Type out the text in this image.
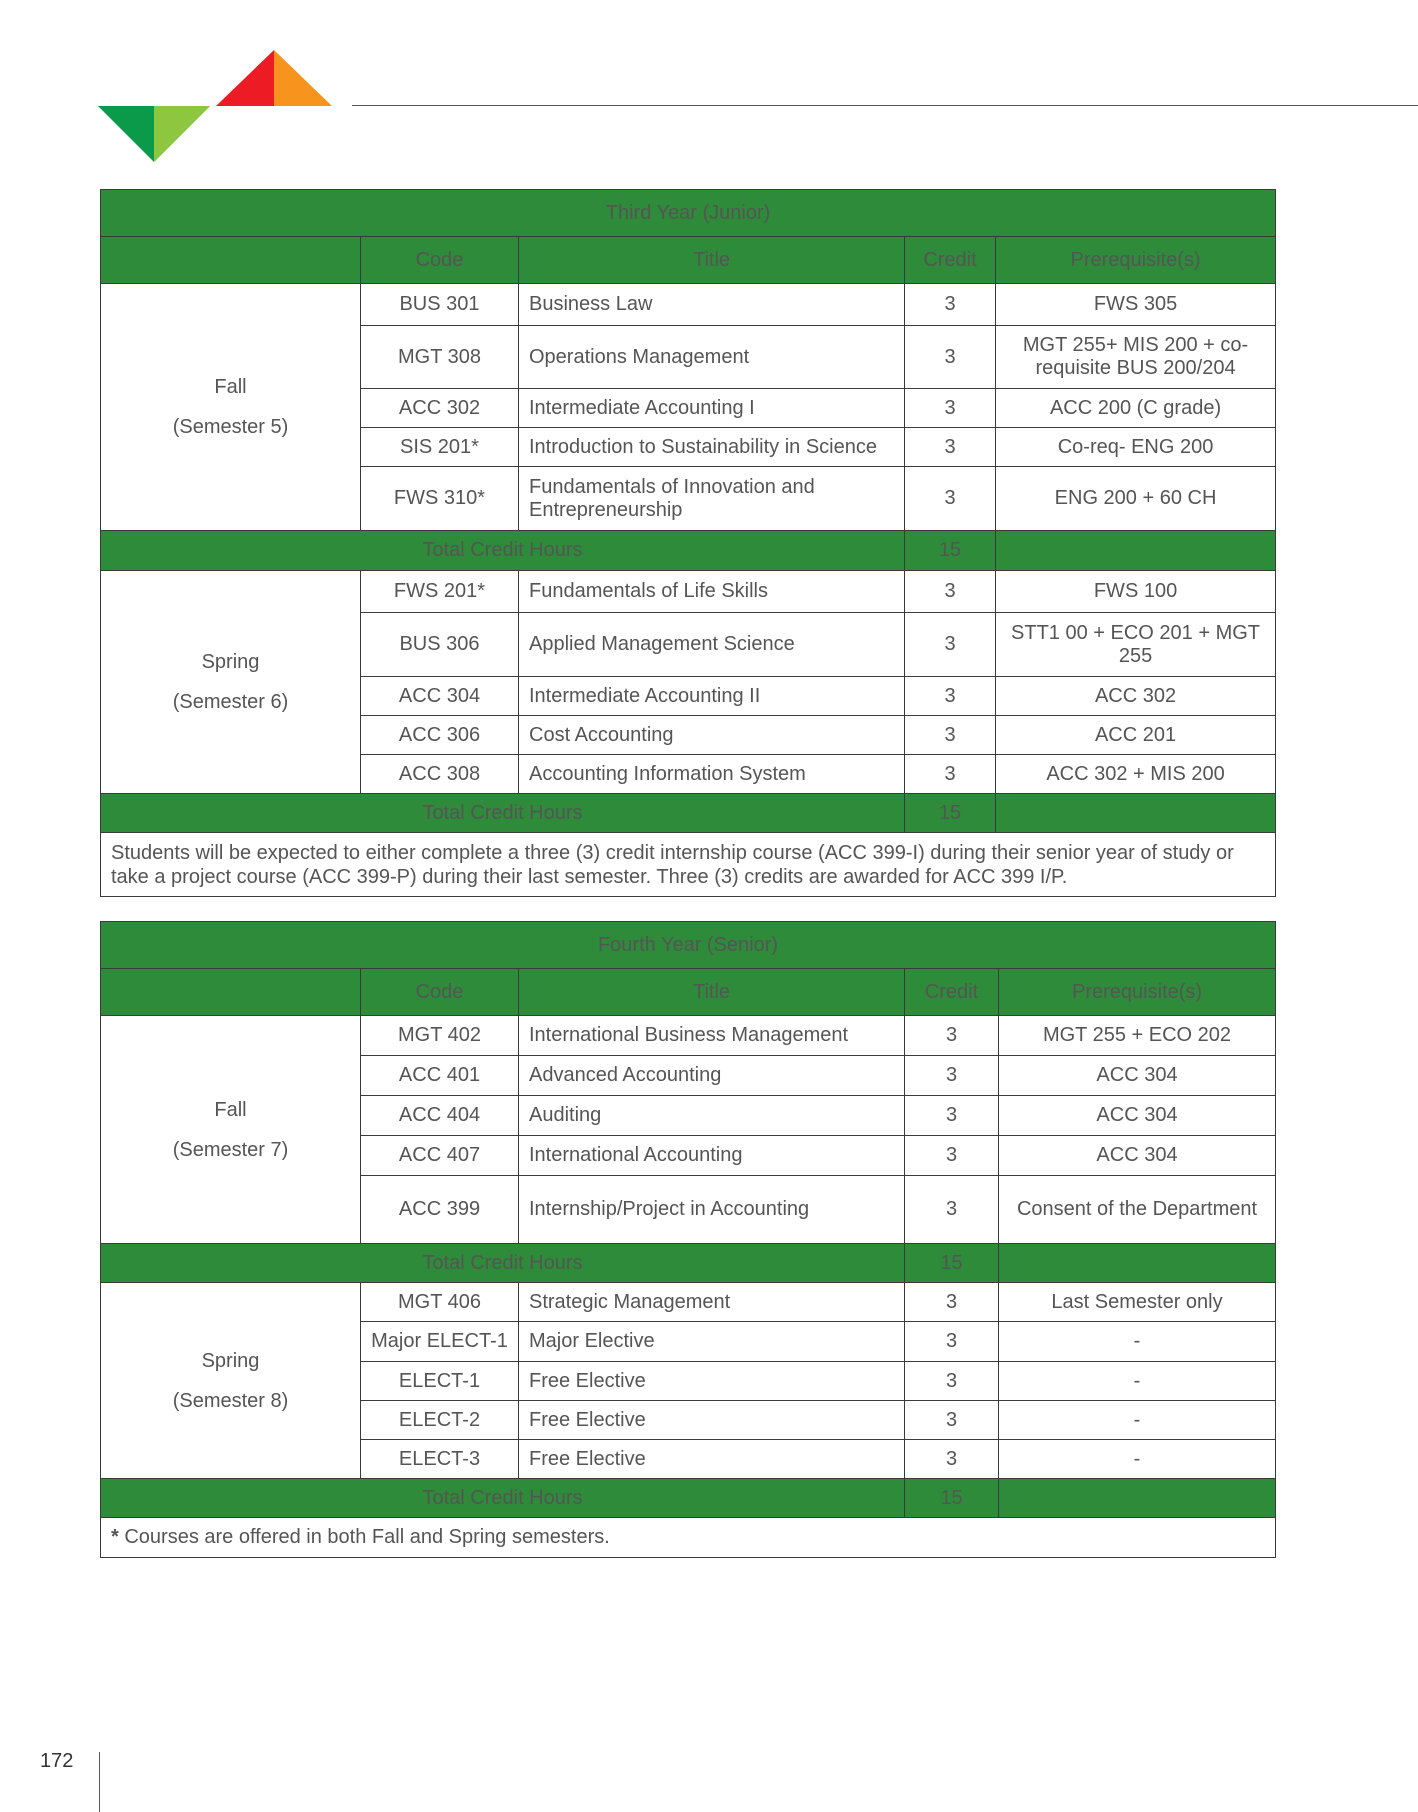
Third Year (Junior)				
	Code	Title	Credit	Prerequisite(s)

Fall
(Semester 5)	BUS 301	Business Law	3	FWS 305
	MGT 308	Operations Management	3	MGT 255+ MIS 200 + co-requisite BUS 200/204
	ACC 302	Intermediate Accounting I	3	ACC 200 (C grade)
	SIS 201*	Introduction to Sustainability in Science	3	Co-req- ENG 200
	FWS 310*	Fundamentals of Innovation and Entrepreneurship	3	ENG 200 + 60 CH
Total Credit Hours			15	

Spring
(Semester 6)	FWS 201*	Fundamentals of Life Skills	3	FWS 100
	BUS 306	Applied Management Science	3	STT1 00 + ECO 201 + MGT 255
	ACC 304	Intermediate Accounting II	3	ACC 302
	ACC 306	Cost Accounting	3	ACC 201
	ACC 308	Accounting Information System	3	ACC 302 + MIS 200
Total Credit Hours			15	
Students will be expected to either complete a three (3) credit internship course (ACC 399-I) during their senior year of study or take a project course (ACC 399-P) during their last semester. Three (3) credits are awarded for ACC 399 I/P.				
Fourth Year (Senior)				
	Code	Title	Credit	Prerequisite(s)

Fall
(Semester 7)	MGT 402	International Business Management	3	MGT 255 + ECO 202
	ACC 401	Advanced Accounting	3	ACC 304
	ACC 404	Auditing	3	ACC 304
	ACC 407	International Accounting	3	ACC 304
	ACC 399	Internship/Project in Accounting	3	Consent of the Department
Total Credit Hours			15	

Spring
(Semester 8)	MGT 406	Strategic Management	3	Last Semester only
	Major ELECT-1	Major Elective	3	-
	ELECT-1	Free Elective	3	-
	ELECT-2	Free Elective	3	-
	ELECT-3	Free Elective	3	-
Total Credit Hours			15	
* Courses are offered in both Fall and Spring semesters.				
172
